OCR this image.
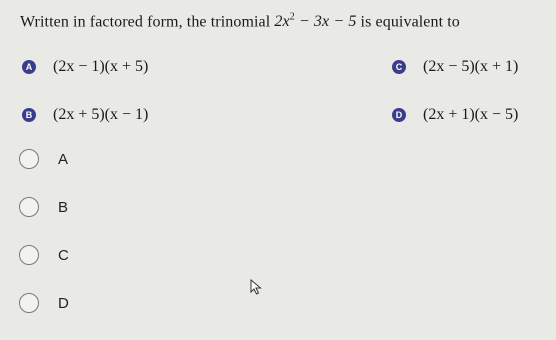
Written in factored form, the trinomial $2x^2 - 3x - 5$ is equivalent to
A (2x − 1)(x + 5)	C (2x − 5)(x + 1)
B (2x + 5)(x − 1)	D (2x + 1)(x − 5)
A
B
C
D
